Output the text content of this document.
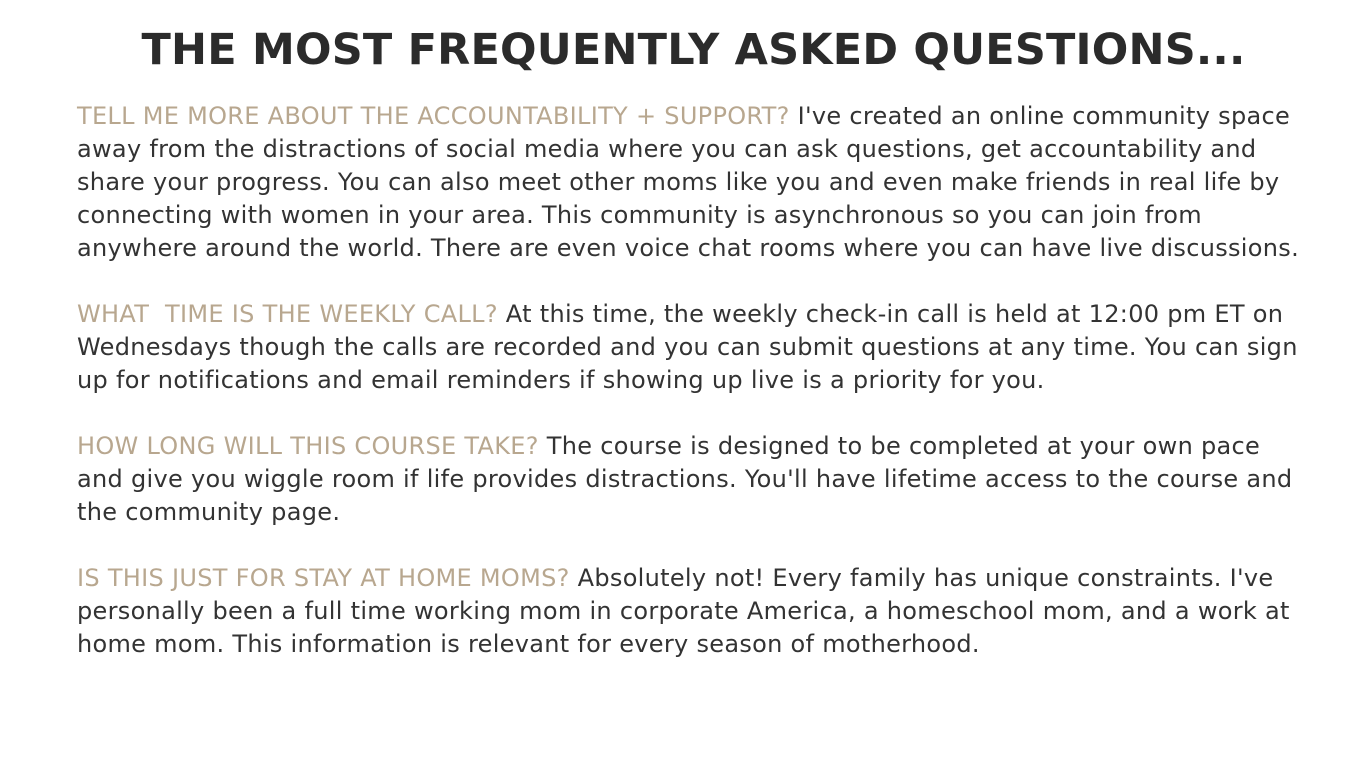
THE MOST FREQUENTLY ASKED QUESTIONS...

TELL ME MORE ABOUT THE ACCOUNTABILITY + SUPPORT? I've created an online community space away from the distractions of social media where you can ask questions, get accountability and share your progress. You can also meet other moms like you and even make friends in real life by connecting with women in your area. This community is asynchronous so you can join from anywhere around the world. There are even voice chat rooms where you can have live discussions.

WHAT  TIME IS THE WEEKLY CALL? At this time, the weekly check-in call is held at 12:00 pm ET on Wednesdays though the calls are recorded and you can submit questions at any time. You can sign up for notifications and email reminders if showing up live is a priority for you.

HOW LONG WILL THIS COURSE TAKE? The course is designed to be completed at your own pace and give you wiggle room if life provides distractions. You'll have lifetime access to the course and the community page.

IS THIS JUST FOR STAY AT HOME MOMS? Absolutely not! Every family has unique constraints. I've personally been a full time working mom in corporate America, a homeschool mom, and a work at home mom. This information is relevant for every season of motherhood.
